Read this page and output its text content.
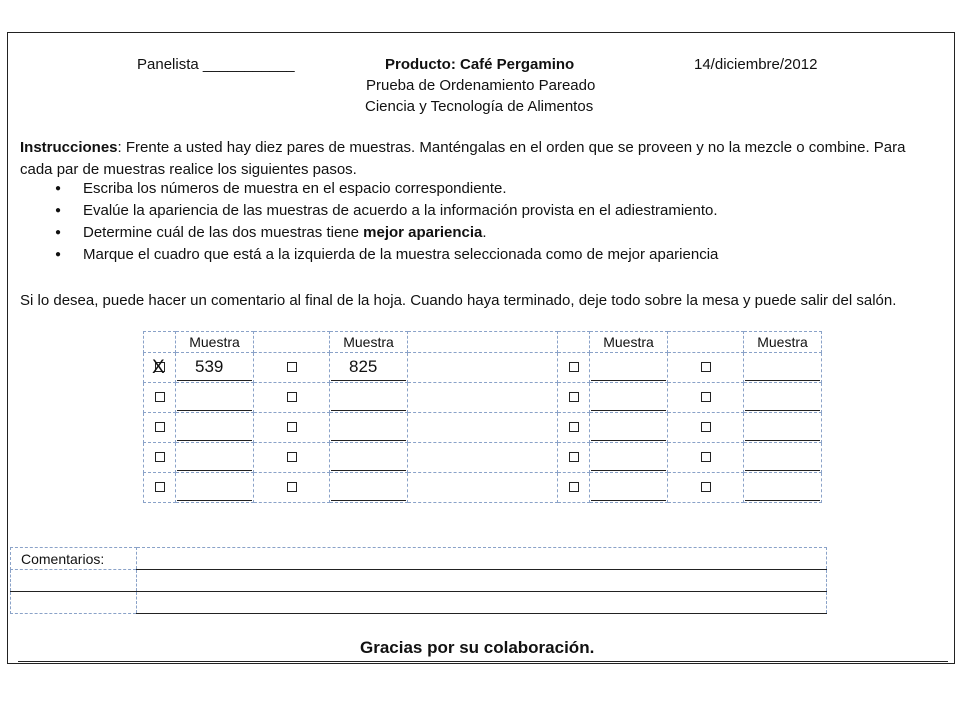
Panelista ___________	Producto: Café Pergamino	14/diciembre/2012
Prueba de Ordenamiento Pareado
Ciencia y Tecnología de Alimentos
Instrucciones: Frente a usted hay diez pares de muestras. Manténgalas en el orden que se proveen y no la mezcle o combine. Para
cada par de muestras realice los siguientes pasos.
● Escriba los números de muestra en el espacio correspondiente.
● Evalúe la apariencia de las muestras de acuerdo a la información provista en el adiestramiento.
● Determine cuál de las dos muestras tiene mejor apariencia.
● Marque el cuadro que está a la izquierda de la muestra seleccionada como de mejor apariencia
Si lo desea, puede hacer un comentario al final de la hoja. Cuando haya terminado, deje todo sobre la mesa y puede salir del salón.
	Muestra		Muestra			Muestra		Muestra

X	539		825					

Comentarios:	

Gracias por su colaboración.
